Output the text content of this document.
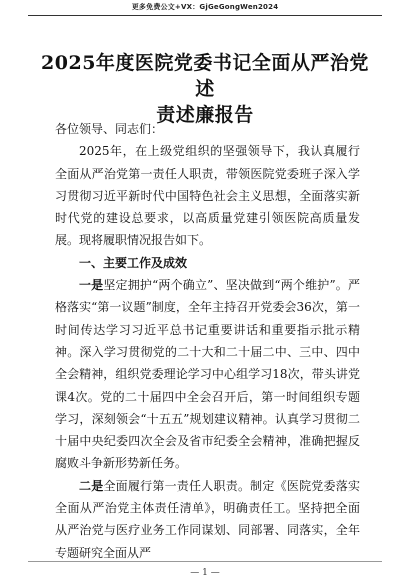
更多免费公文+VX：GjGeGongWen2024
2025年度医院党委书记全面从严治党述
责述廉报告

各位领导、同志们：

2025年，在上级党组织的坚强领导下，我认真履行全面从严治党第一责任人职责，带领医院党委班子深入学习贯彻习近平新时代中国特色社会主义思想，全面落实新时代党的建设总要求，以高质量党建引领医院高质量发展。现将履职情况报告如下。

一、主要工作及成效

一是坚定拥护“两个确立”、坚决做到“两个维护”。严格落实“第一议题”制度，全年主持召开党委会36次，第一时间传达学习习近平总书记重要讲话和重要指示批示精神。深入学习贯彻党的二十大和二十届二中、三中、四中全会精神，组织党委理论学习中心组学习18次，带头讲党课4次。党的二十届四中全会召开后，第一时间组织专题学习，深刻领会“十五五”规划建议精神。认真学习贯彻二十届中央纪委四次全会及省市纪委全会精神，准确把握反腐败斗争新形势新任务。

二是全面履行第一责任人职责。制定《医院党委落实全面从严治党主体责任清单》，明确责任工。坚持把全面从严治党与医疗业务工作同谋划、同部署、同落实，全年专题研究全面从严

— 1 —
